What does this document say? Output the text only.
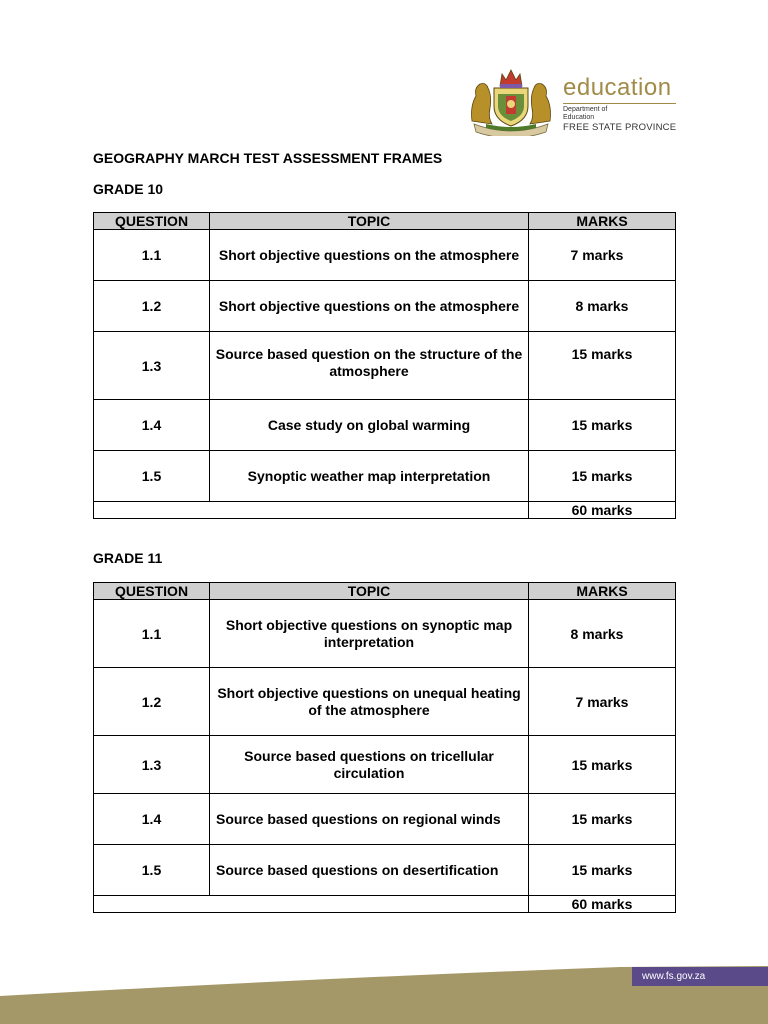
education
Department of
Education
FREE STATE PROVINCE
GEOGRAPHY MARCH TEST ASSESSMENT FRAMES
GRADE 10
QUESTION	TOPIC	MARKS
1.1	Short objective questions on the atmosphere	7 marks
1.2	Short objective questions on the atmosphere	8 marks
1.3	Source based question on the structure of the atmosphere	15 marks
1.4	Case study on global warming	15 marks
1.5	Synoptic weather map interpretation	15 marks
		60 marks
GRADE 11
QUESTION	TOPIC	MARKS
1.1	Short objective questions on synoptic map interpretation	8 marks
1.2	Short objective questions on unequal heating of the atmosphere	7 marks
1.3	Source based questions on tricellular circulation	15 marks
1.4	Source based questions on regional winds	15 marks
1.5	Source based questions on desertification	15 marks
		60 marks
www.fs.gov.za
